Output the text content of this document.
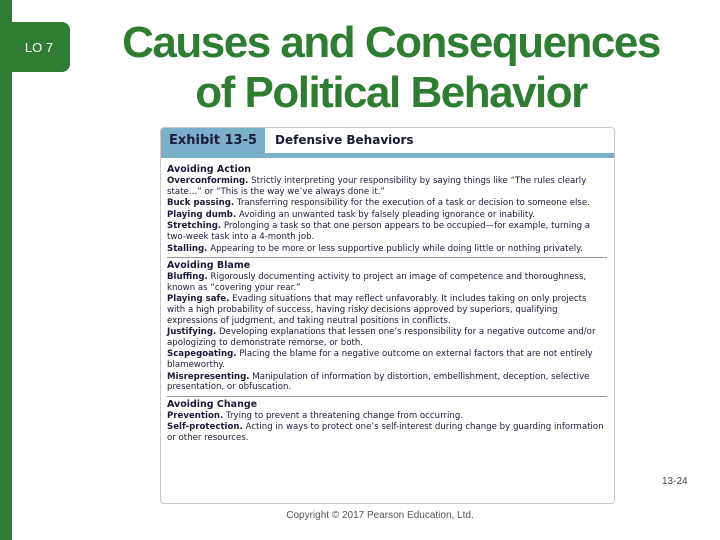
LO 7	Causes and Consequences
of Political Behavior
Exhibit 13-5	Defensive Behaviors
Avoiding Action
Overconforming. Strictly interpreting your responsibility by saying things like “The rules clearly state…” or “This is the way we’ve always done it.”
Buck passing. Transferring responsibility for the execution of a task or decision to someone else.
Playing dumb. Avoiding an unwanted task by falsely pleading ignorance or inability.
Stretching. Prolonging a task so that one person appears to be occupied—for example, turning a two-week task into a 4-month job.
Stalling. Appearing to be more or less supportive publicly while doing little or nothing privately.
Avoiding Blame
Bluffing. Rigorously documenting activity to project an image of competence and thoroughness, known as “covering your rear.”
Playing safe. Evading situations that may reflect unfavorably. It includes taking on only projects with a high probability of success, having risky decisions approved by superiors, qualifying expressions of judgment, and taking neutral positions in conflicts.
Justifying. Developing explanations that lessen one’s responsibility for a negative outcome and/or apologizing to demonstrate remorse, or both.
Scapegoating. Placing the blame for a negative outcome on external factors that are not entirely blameworthy.
Misrepresenting. Manipulation of information by distortion, embellishment, deception, selective presentation, or obfuscation.
Avoiding Change
Prevention. Trying to prevent a threatening change from occurring.
Self-protection. Acting in ways to protect one’s self-interest during change by guarding information or other resources.
13-24
Copyright © 2017 Pearson Education, Ltd.
